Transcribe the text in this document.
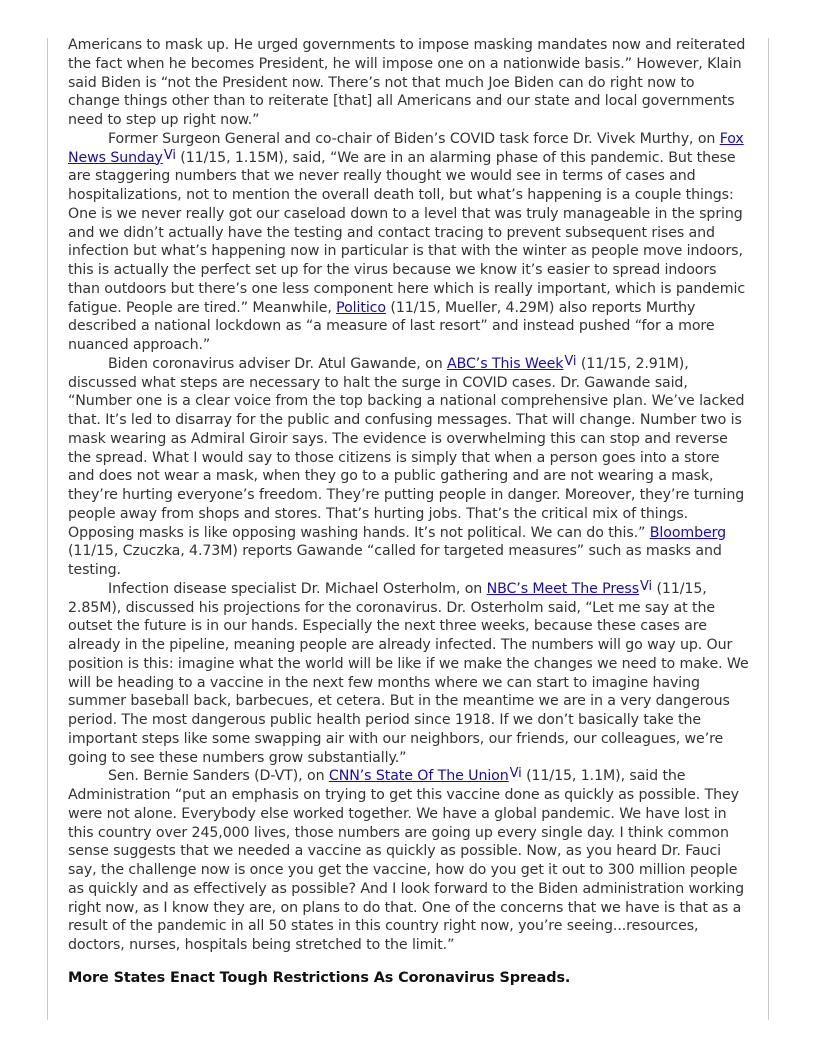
Americans to mask up. He urged governments to impose masking mandates now and reiterated the fact when he becomes President, he will impose one on a nationwide basis.” However, Klain said Biden is “not the President now. There’s not that much Joe Biden can do right now to change things other than to reiterate [that] all Americans and our state and local governments need to step up right now.”

Former Surgeon General and co-chair of Biden’s COVID task force Dr. Vivek Murthy, on Fox News Sunday$^{Vi}$ (11/15, 1.15M), said, “We are in an alarming phase of this pandemic. But these are staggering numbers that we never really thought we would see in terms of cases and hospitalizations, not to mention the overall death toll, but what’s happening is a couple things: One is we never really got our caseload down to a level that was truly manageable in the spring and we didn’t actually have the testing and contact tracing to prevent subsequent rises and infection but what’s happening now in particular is that with the winter as people move indoors, this is actually the perfect set up for the virus because we know it’s easier to spread indoors than outdoors but there’s one less component here which is really important, which is pandemic fatigue. People are tired.” Meanwhile, Politico (11/15, Mueller, 4.29M) also reports Murthy described a national lockdown as “a measure of last resort” and instead pushed “for a more nuanced approach.”

Biden coronavirus adviser Dr. Atul Gawande, on ABC’s This Week$^{Vi}$ (11/15, 2.91M), discussed what steps are necessary to halt the surge in COVID cases. Dr. Gawande said, “Number one is a clear voice from the top backing a national comprehensive plan. We’ve lacked that. It’s led to disarray for the public and confusing messages. That will change. Number two is mask wearing as Admiral Giroir says. The evidence is overwhelming this can stop and reverse the spread. What I would say to those citizens is simply that when a person goes into a store and does not wear a mask, when they go to a public gathering and are not wearing a mask, they’re hurting everyone’s freedom. They’re putting people in danger. Moreover, they’re turning people away from shops and stores. That’s hurting jobs. That’s the critical mix of things. Opposing masks is like opposing washing hands. It’s not political. We can do this.” Bloomberg (11/15, Czuczka, 4.73M) reports Gawande “called for targeted measures” such as masks and testing.

Infection disease specialist Dr. Michael Osterholm, on NBC’s Meet The Press$^{Vi}$ (11/15, 2.85M), discussed his projections for the coronavirus. Dr. Osterholm said, “Let me say at the outset the future is in our hands. Especially the next three weeks, because these cases are already in the pipeline, meaning people are already infected. The numbers will go way up. Our position is this: imagine what the world will be like if we make the changes we need to make. We will be heading to a vaccine in the next few months where we can start to imagine having summer baseball back, barbecues, et cetera. But in the meantime we are in a very dangerous period. The most dangerous public health period since 1918. If we don’t basically take the important steps like some swapping air with our neighbors, our friends, our colleagues, we’re going to see these numbers grow substantially.”

Sen. Bernie Sanders (D-VT), on CNN’s State Of The Union$^{Vi}$ (11/15, 1.1M), said the Administration “put an emphasis on trying to get this vaccine done as quickly as possible. They were not alone. Everybody else worked together. We have a global pandemic. We have lost in this country over 245,000 lives, those numbers are going up every single day. I think common sense suggests that we needed a vaccine as quickly as possible. Now, as you heard Dr. Fauci say, the challenge now is once you get the vaccine, how do you get it out to 300 million people as quickly and as effectively as possible? And I look forward to the Biden administration working right now, as I know they are, on plans to do that. One of the concerns that we have is that as a result of the pandemic in all 50 states in this country right now, you’re seeing...resources, doctors, nurses, hospitals being stretched to the limit.”

More States Enact Tough Restrictions As Coronavirus Spreads.
